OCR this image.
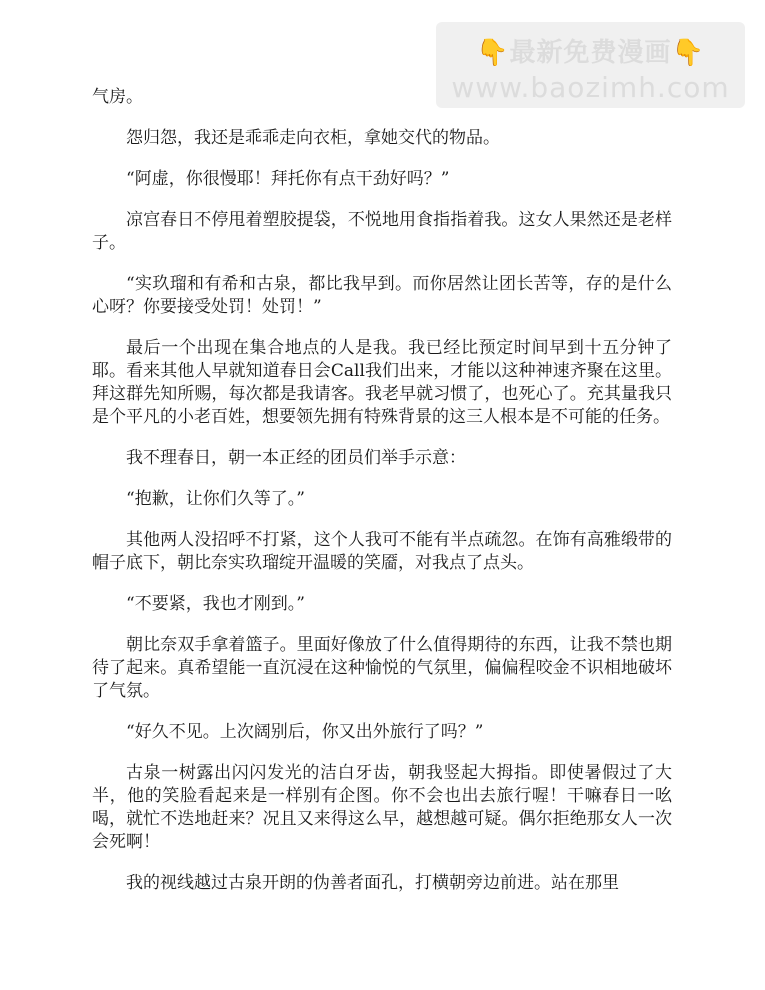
👇最新免费漫画👇
www.baozimh.com

气房。

怨归怨，我还是乖乖走向衣柜，拿她交代的物品。

“阿虚，你很慢耶！拜托你有点干劲好吗？”

凉宫春日不停甩着塑胶提袋，不悦地用食指指着我。这女人果然还是老样子。

“实玖瑠和有希和古泉，都比我早到。而你居然让团长苦等，存的是什么心呀？你要接受处罚！处罚！”

最后一个出现在集合地点的人是我。我已经比预定时间早到十五分钟了耶。看来其他人早就知道春日会Call我们出来，才能以这种神速齐聚在这里。拜这群先知所赐，每次都是我请客。我老早就习惯了，也死心了。充其量我只是个平凡的小老百姓，想要领先拥有特殊背景的这三人根本是不可能的任务。

我不理春日，朝一本正经的团员们举手示意：

“抱歉，让你们久等了。”

其他两人没招呼不打紧，这个人我可不能有半点疏忽。在饰有高雅缎带的帽子底下，朝比奈实玖瑠绽开温暖的笑靥，对我点了点头。

“不要紧，我也才刚到。”

朝比奈双手拿着篮子。里面好像放了什么值得期待的东西，让我不禁也期待了起来。真希望能一直沉浸在这种愉悦的气氛里，偏偏程咬金不识相地破坏了气氛。

“好久不见。上次阔别后，你又出外旅行了吗？”

古泉一树露出闪闪发光的洁白牙齿，朝我竖起大拇指。即使暑假过了大半，他的笑脸看起来是一样别有企图。你不会也出去旅行喔！干嘛春日一吆喝，就忙不迭地赶来？况且又来得这么早，越想越可疑。偶尔拒绝那女人一次会死啊！

我的视线越过古泉开朗的伪善者面孔，打横朝旁边前进。站在那里
